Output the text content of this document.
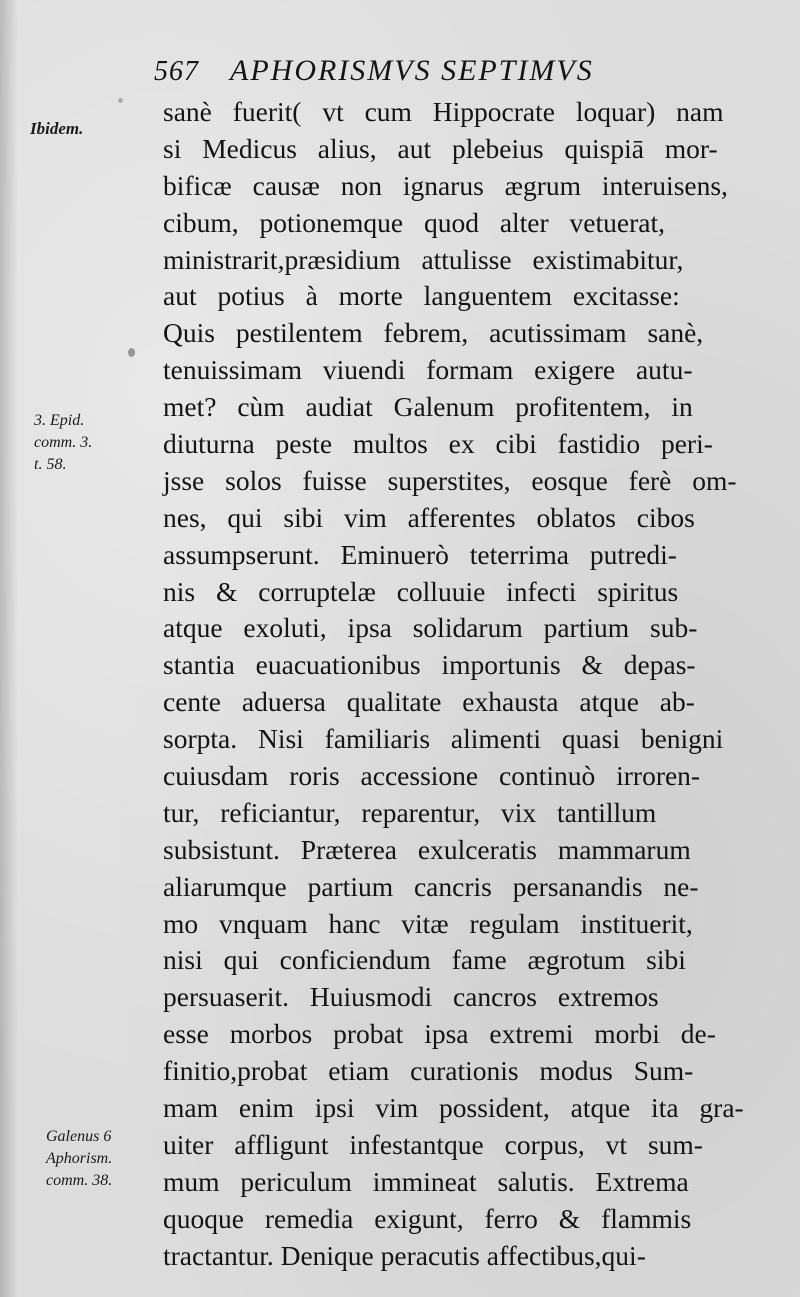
567 APHORISMVS SEPTIMVS
Ibidem.
3. Epid.
comm. 3.
t. 58.
Galenus 6
Aphorism.
comm. 38.
sanè fuerit( vt cum Hippocrate loquar) nam
si Medicus alius, aut plebeius quispiā mor-
bificæ causæ non ignarus ægrum interuisens,
cibum, potionemque quod alter vetuerat,
ministrarit,præsidium attulisse existimabitur,
aut potius à morte languentem excitasse:
Quis pestilentem febrem, acutissimam sanè,
tenuissimam viuendi formam exigere autu-
met? cùm audiat Galenum profitentem, in
diuturna peste multos ex cibi fastidio peri-
jsse solos fuisse superstites, eosque ferè om-
nes, qui sibi vim afferentes oblatos cibos
assumpserunt. Eminuerò teterrima putredi-
nis & corruptelæ colluuie infecti spiritus
atque exoluti, ipsa solidarum partium sub-
stantia euacuationibus importunis & depas-
cente aduersa qualitate exhausta atque ab-
sorpta. Nisi familiaris alimenti quasi benigni
cuiusdam roris accessione continuò irroren-
tur, reficiantur, reparentur, vix tantillum
subsistunt. Præterea exulceratis mammarum
aliarumque partium cancris persanandis ne-
mo vnquam hanc vitæ regulam instituerit,
nisi qui conficiendum fame ægrotum sibi
persuaserit. Huiusmodi cancros extremos
esse morbos probat ipsa extremi morbi de-
finitio,probat etiam curationis modus Sum-
mam enim ipsi vim possident, atque ita gra-
uiter affligunt infestantque corpus, vt sum-
mum periculum immineat salutis. Extrema
quoque remedia exigunt, ferro & flammis
tractantur. Denique peracutis affectibus,qui-
